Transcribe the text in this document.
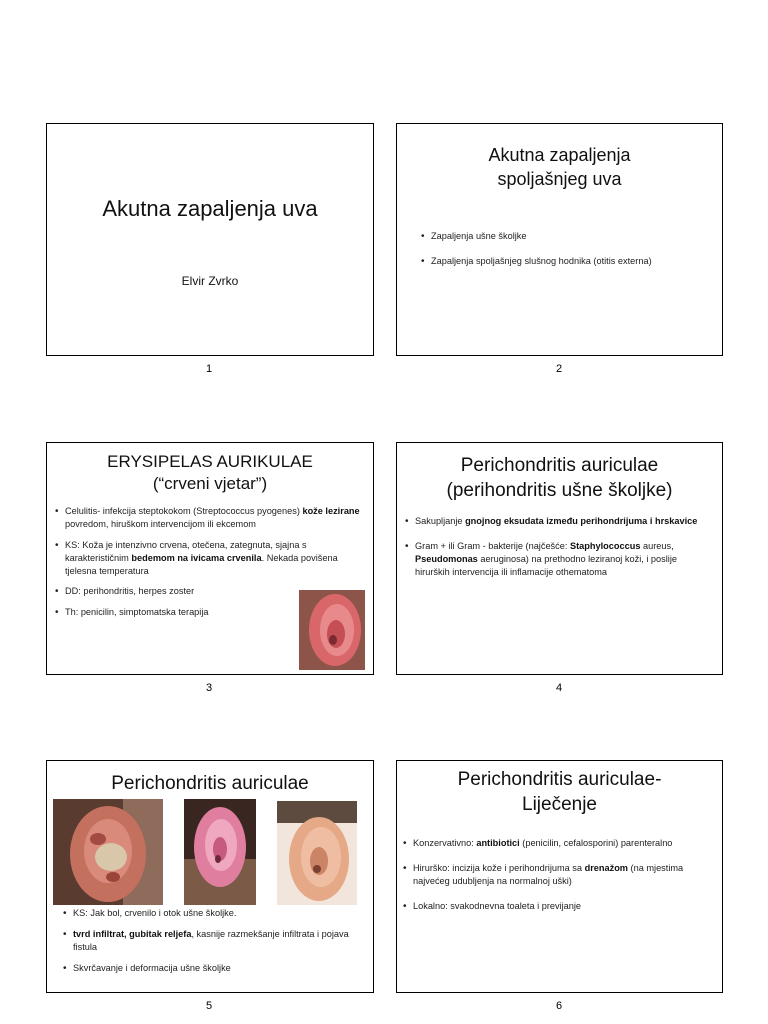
Akutna zapaljenja uva
Elvir Zvrko
1
Akutna zapaljenja
spoljašnjeg uva
• Zapaljenja ušne školjke
• Zapaljenja spoljašnjeg slušnog hodnika (otitis externa)
2
ERYSIPELAS AURIKULAE
(“crveni vjetar”)
• Celulitis- infekcija steptokokom (Streptococcus pyogenes) kože lezirane povredom, hiruškom intervencijom ili ekcemom
• KS: Koža je intenzivno crvena, otečena, zategnuta, sjajna s karakterističnim bedemom na ivicama crvenila. Nekada povišena tjelesna temperatura
• DD: perihondritis, herpes zoster
• Th: penicilin, simptomatska terapija
3
Perichondritis auriculae
(perihondritis ušne školjke)
• Sakupljanje gnojnog eksudata između perihondrijuma i hrskavice
• Gram + ili Gram - bakterije (najčešće: Staphylococcus aureus, Pseudomonas aeruginosa) na prethodno leziranoj koži, i poslije hirurških intervencija ili inflamacije othematoma
4
Perichondritis auriculae
• KS: Jak bol, crvenilo i otok ušne školjke.
• tvrd infiltrat, gubitak reljefa, kasnije razmekšanje infiltrata i pojava fistula
• Skvrčavanje i deformacija ušne školjke
5
Perichondritis auriculae-
Liječenje
• Konzervativno: antibiotici (penicilin, cefalosporini) parenteralno
• Hirurško: incizija kože i perihondrijuma sa drenažom (na mjestima najvećeg udubljenja na normalnoj uški)
• Lokalno: svakodnevna toaleta i previjanje
6
